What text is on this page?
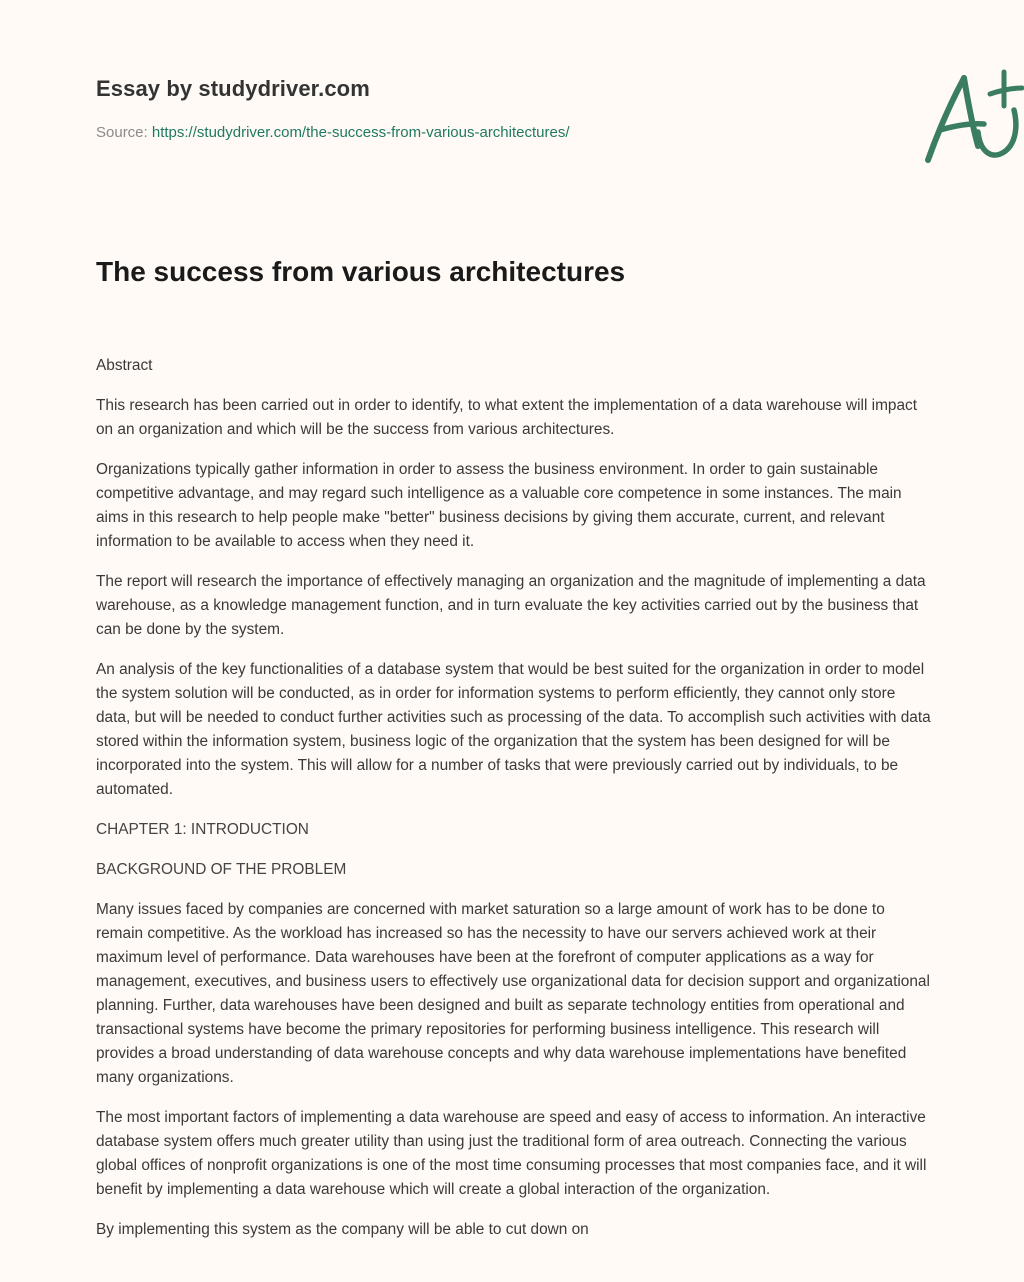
Essay by studydriver.com
Source: https://studydriver.com/the-success-from-various-architectures/
The success from various architectures

Abstract

This research has been carried out in order to identify, to what extent the implementation of a data warehouse will impact on an organization and which will be the success from various architectures.

Organizations typically gather information in order to assess the business environment. In order to gain sustainable competitive advantage, and may regard such intelligence as a valuable core competence in some instances. The main aims in this research to help people make "better" business decisions by giving them accurate, current, and relevant information to be available to access when they need it.

The report will research the importance of effectively managing an organization and the magnitude of implementing a data warehouse, as a knowledge management function, and in turn evaluate the key activities carried out by the business that can be done by the system.

An analysis of the key functionalities of a database system that would be best suited for the organization in order to model the system solution will be conducted, as in order for information systems to perform efficiently, they cannot only store data, but will be needed to conduct further activities such as processing of the data. To accomplish such activities with data stored within the information system, business logic of the organization that the system has been designed for will be incorporated into the system. This will allow for a number of tasks that were previously carried out by individuals, to be automated.

CHAPTER 1: INTRODUCTION

BACKGROUND OF THE PROBLEM

Many issues faced by companies are concerned with market saturation so a large amount of work has to be done to remain competitive. As the workload has increased so has the necessity to have our servers achieved work at their maximum level of performance. Data warehouses have been at the forefront of computer applications as a way for management, executives, and business users to effectively use organizational data for decision support and organizational planning. Further, data warehouses have been designed and built as separate technology entities from operational and transactional systems have become the primary repositories for performing business intelligence. This research will provides a broad understanding of data warehouse concepts and why data warehouse implementations have benefited many organizations.

The most important factors of implementing a data warehouse are speed and easy of access to information. An interactive database system offers much greater utility than using just the traditional form of area outreach. Connecting the various global offices of nonprofit organizations is one of the most time consuming processes that most companies face, and it will benefit by implementing a data warehouse which will create a global interaction of the organization.

By implementing this system as the company will be able to cut down on
